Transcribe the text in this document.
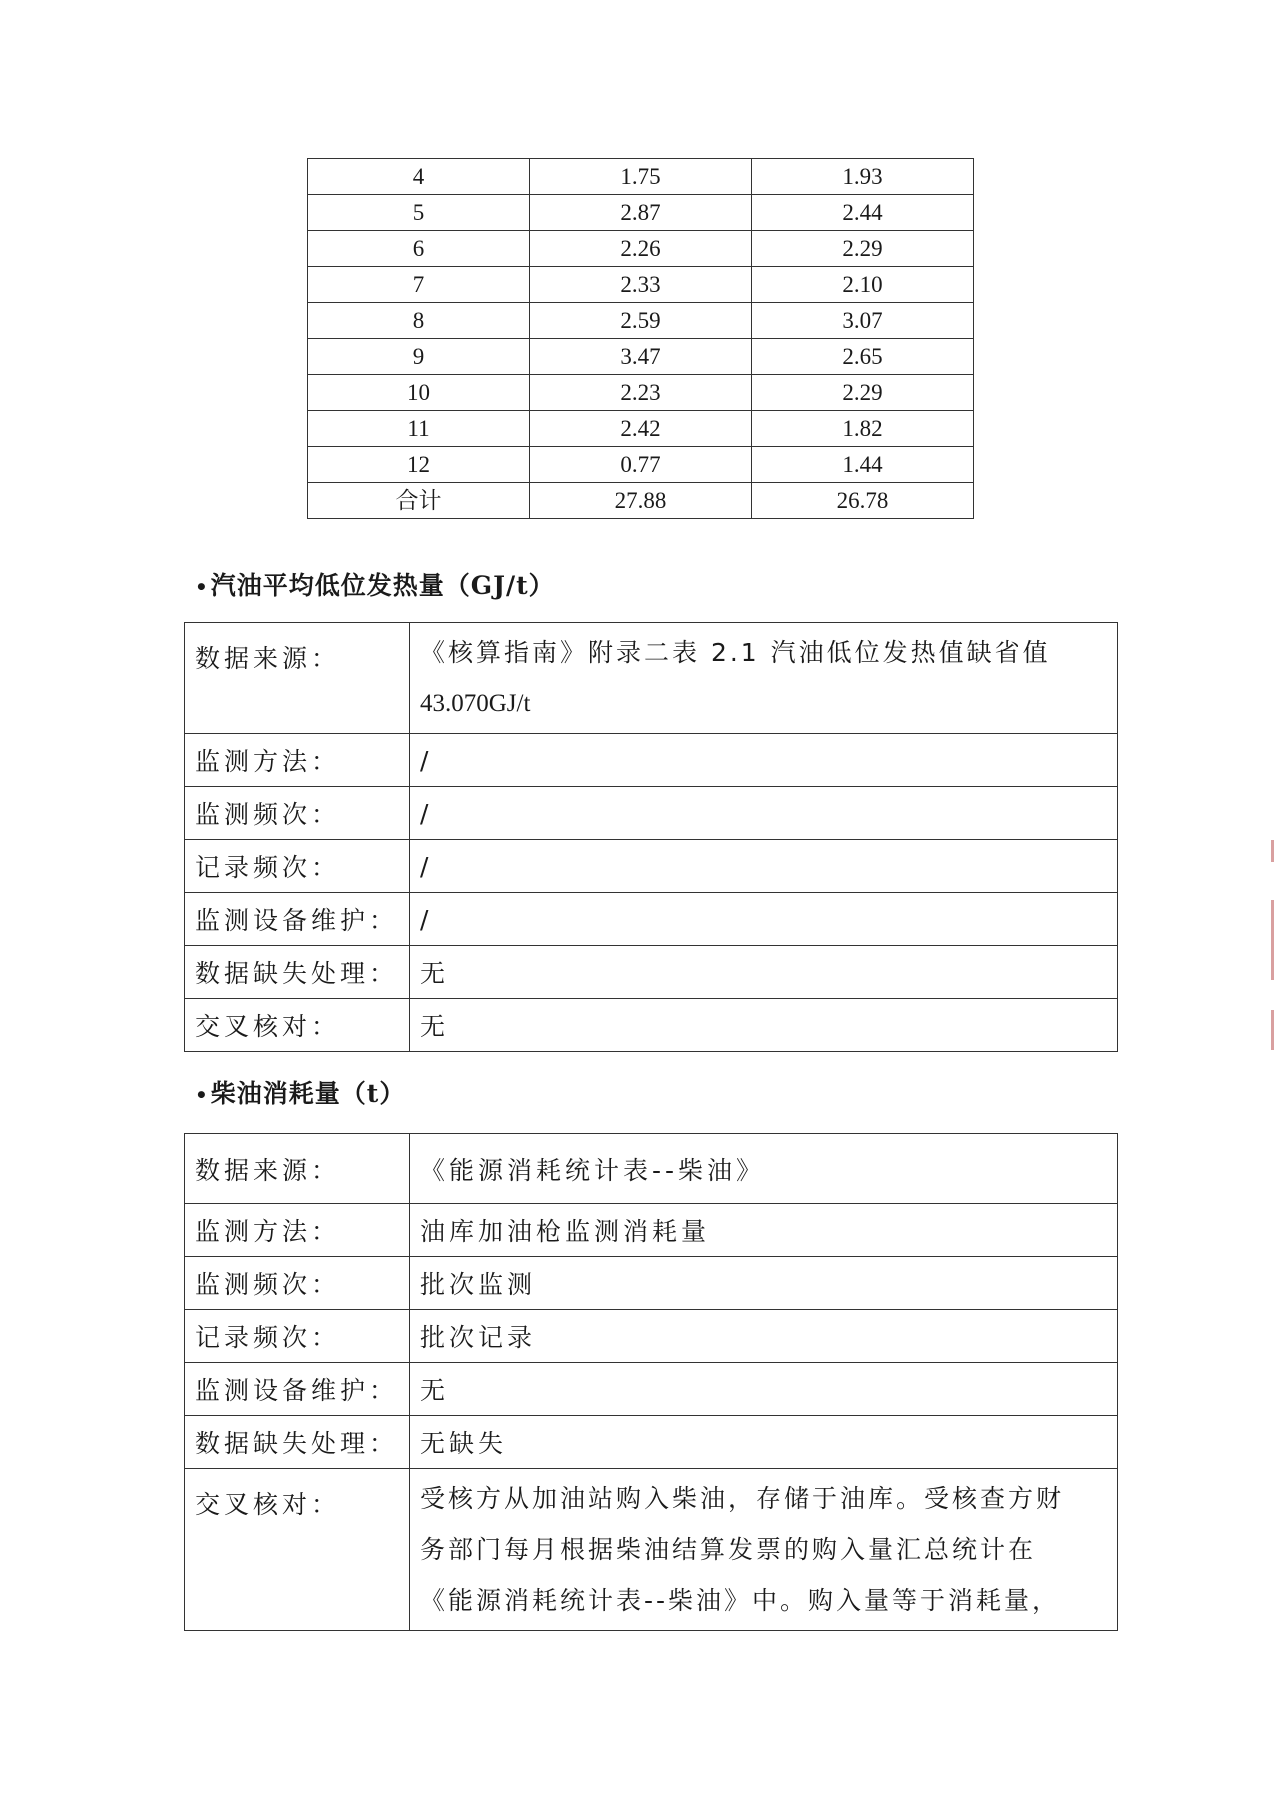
4	1.75	1.93
5	2.87	2.44
6	2.26	2.29
7	2.33	2.10
8	2.59	3.07
9	3.47	2.65
10	2.23	2.29
11	2.42	1.82
12	0.77	1.44
合计	27.88	26.78
•汽油平均低位发热量（GJ/t）
数据来源：	《核算指南》附录二表 2.1 汽油低位发热值缺省值
43.070GJ/t

监测方法：	/
监测频次：	/
记录频次：	/
监测设备维护：	/
数据缺失处理：	无
交叉核对：	无
•柴油消耗量（t）
数据来源：	《能源消耗统计表--柴油》
监测方法：	油库加油枪监测消耗量
监测频次：	批次监测
记录频次：	批次记录
监测设备维护：	无
数据缺失处理：	无缺失
交叉核对：	受核方从加油站购入柴油，存储于油库。受核查方财
务部门每月根据柴油结算发票的购入量汇总统计在
《能源消耗统计表--柴油》中。购入量等于消耗量，
